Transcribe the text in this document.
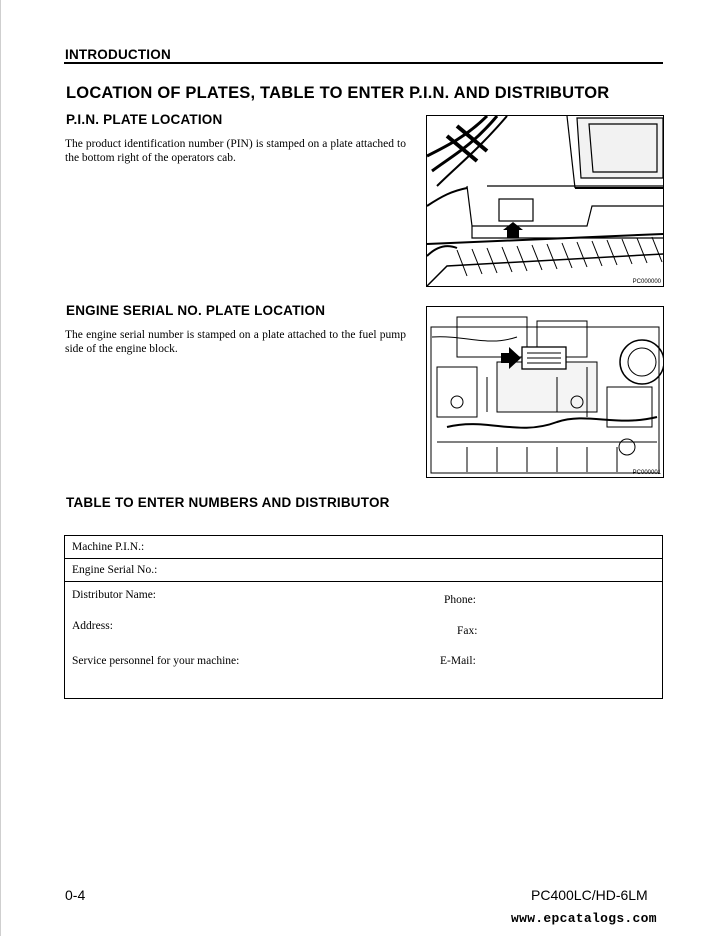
INTRODUCTION
LOCATION OF PLATES, TABLE TO ENTER P.I.N. AND DISTRIBUTOR
P.I.N. PLATE LOCATION
The product identification number (PIN) is stamped on a plate attached to the bottom right of the operators cab.
PC000000
ENGINE SERIAL NO. PLATE LOCATION
The engine serial number is stamped on a plate attached to the fuel pump side of the engine block.
PC000001
TABLE TO ENTER NUMBERS AND DISTRIBUTOR
Machine P.I.N.:
Engine Serial No.:

Distributor Name:	Phone:
Address:	Fax:
Service personnel for your machine:	E-Mail:
0-4	PC400LC/HD-6LM
www.epcatalogs.com
